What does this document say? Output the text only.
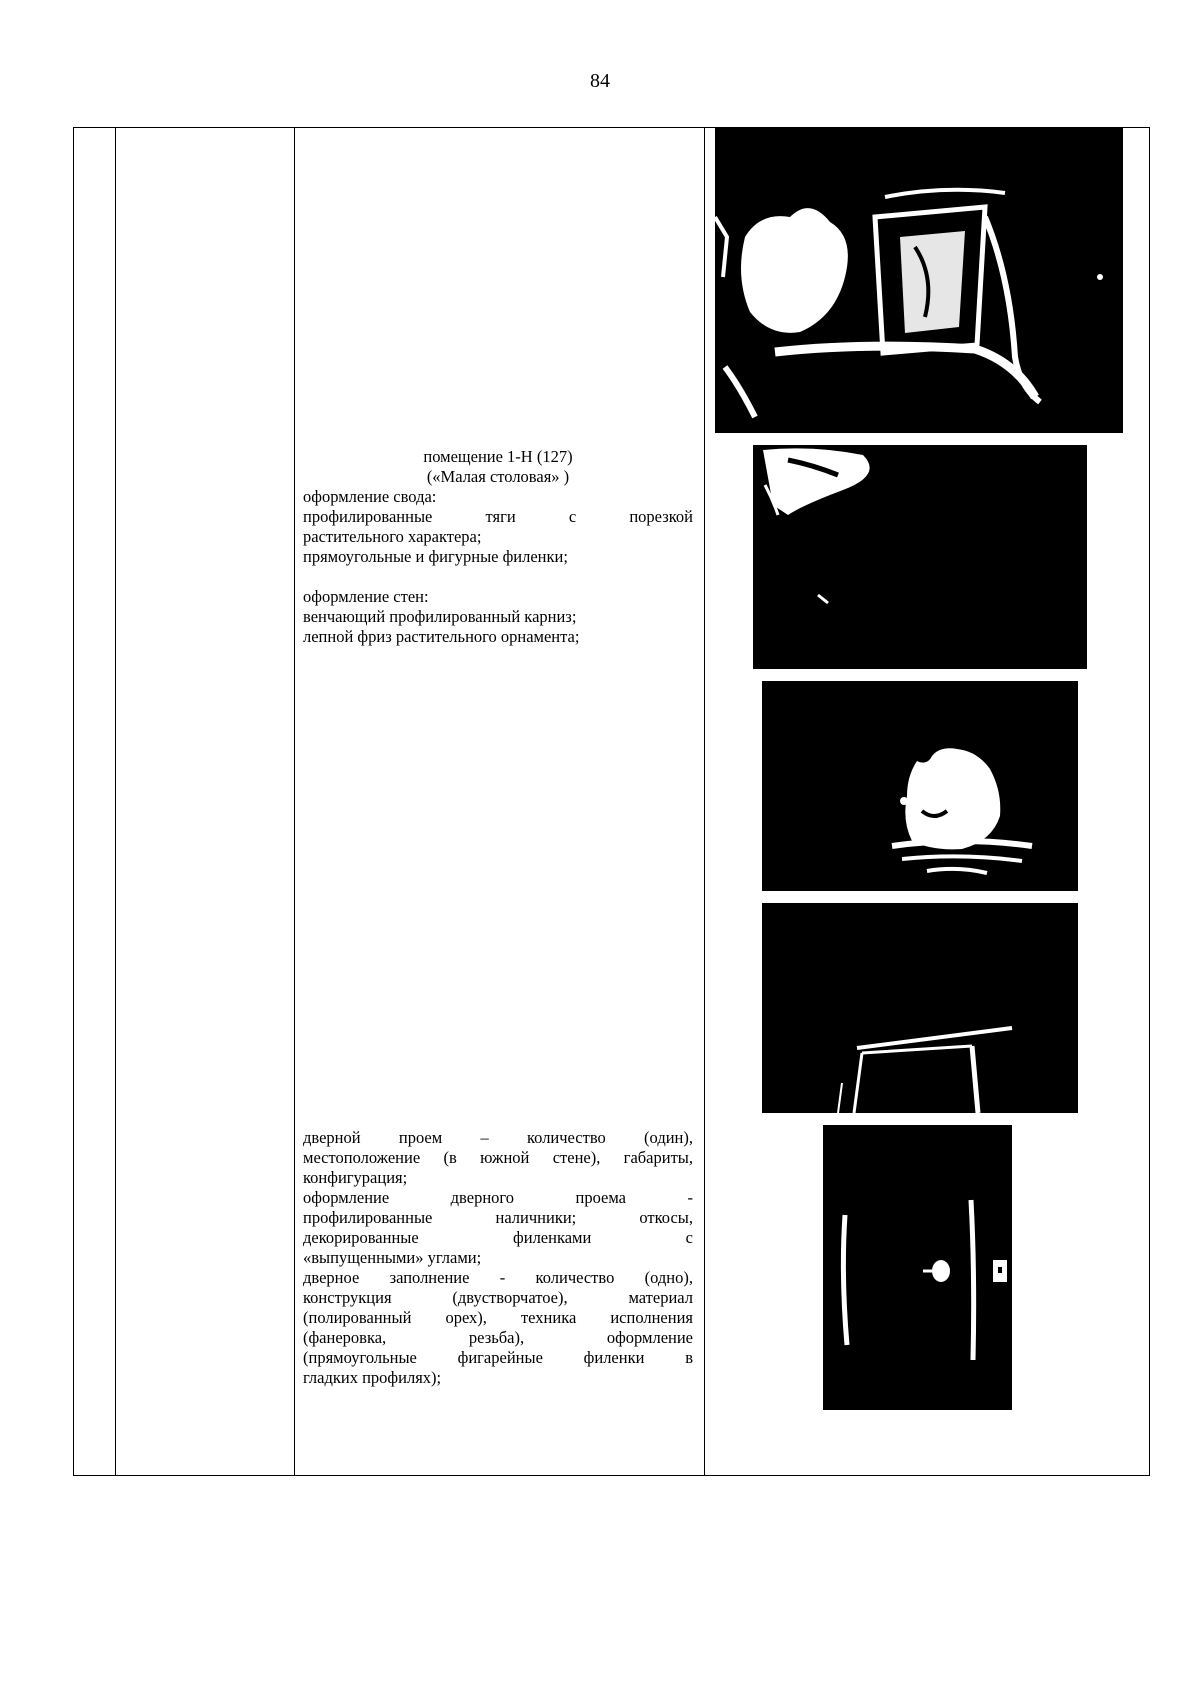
84
помещение 1-Н (127)
(«Малая столовая» )
оформление свода:
профилированные тяги с порезкой
растительного характера;
прямоугольные и фигурные филенки;
оформление стен:
венчающий профилированный карниз;
лепной фриз растительного орнамента;
дверной проем – количество (один),
местоположение (в южной стене), габариты,
конфигурация;
оформление дверного проема -
профилированные наличники; откосы,
декорированные филенками с
«выпущенными» углами;
дверное заполнение - количество (одно),
конструкция (двустворчатое), материал
(полированный орех), техника исполнения
(фанеровка, резьба), оформление
(прямоугольные фигарейные филенки в
гладких профилях);
